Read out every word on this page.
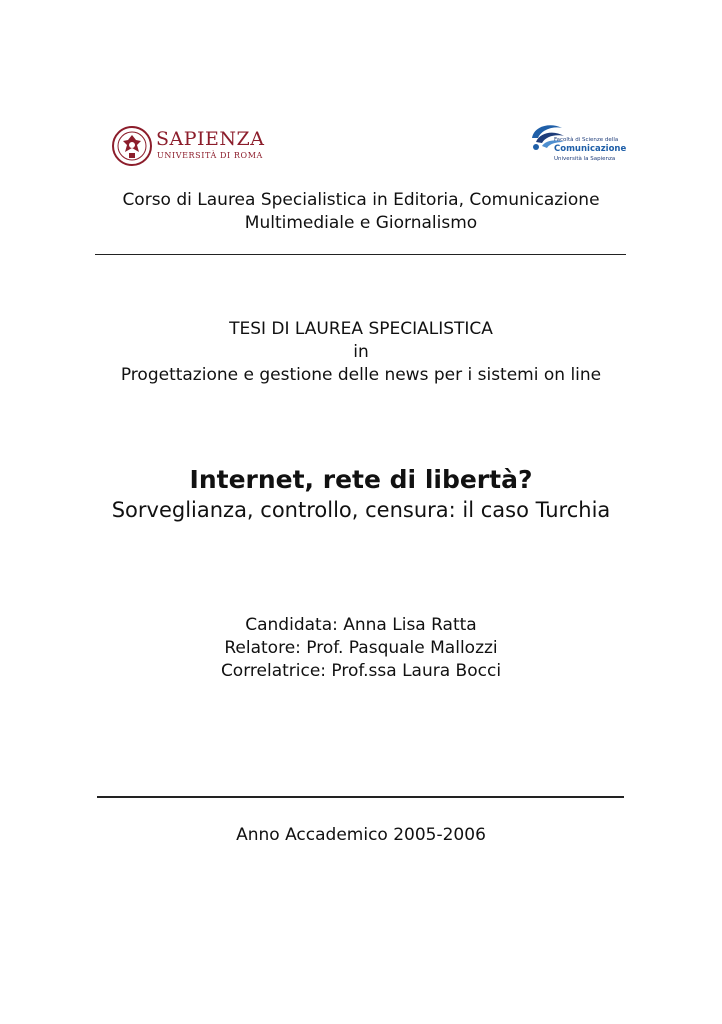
SAPIENZA
UNIVERSITÀ DI ROMA
Facoltà di Scienze della
Comunicazione
Università la Sapienza
Corso di Laurea Specialistica in Editoria, Comunicazione
Multimediale e Giornalismo
TESI DI LAUREA SPECIALISTICA
in
Progettazione e gestione delle news per i sistemi on line
Internet, rete di libertà?
Sorveglianza, controllo, censura: il caso Turchia
Candidata: Anna Lisa Ratta
Relatore: Prof. Pasquale Mallozzi
Correlatrice: Prof.ssa Laura Bocci
Anno Accademico 2005-2006
